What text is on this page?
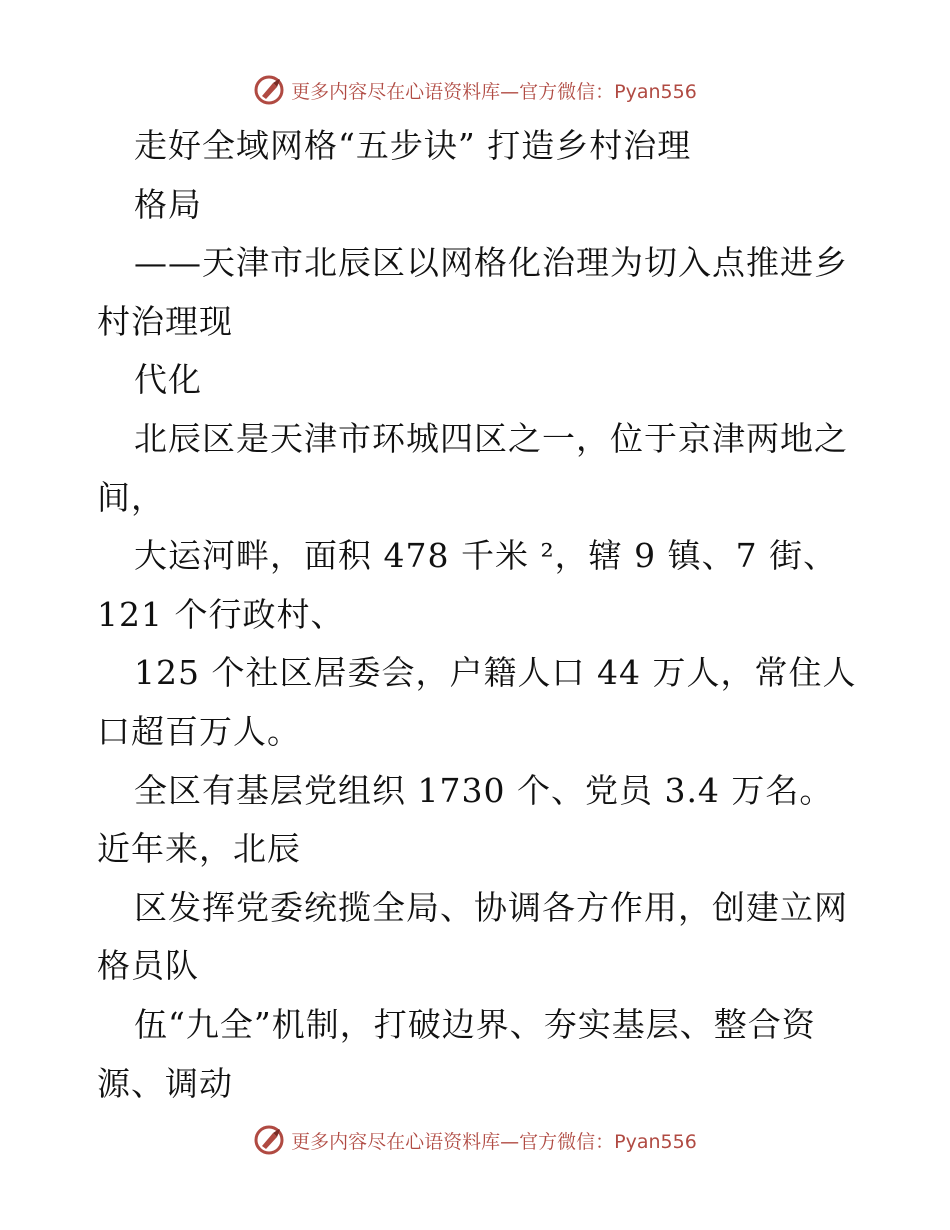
更多内容尽在心语资料库—官方微信：Pyan556
走好全域网格“五步诀” 打造乡村治理
格局
——天津市北辰区以网格化治理为切入点推进乡
村治理现
代化
北辰区是天津市环城四区之一，位于京津两地之
间，
大运河畔，面积 478 千米 ²，辖 9 镇、7 街、
121 个行政村、
125 个社区居委会，户籍人口 44 万人，常住人
口超百万人。
全区有基层党组织 1730 个、党员 3.4 万名。
近年来，北辰
区发挥党委统揽全局、协调各方作用，创建立网
格员队
伍“九全”机制，打破边界、夯实基层、整合资
源、调动
更多内容尽在心语资料库—官方微信：Pyan556
